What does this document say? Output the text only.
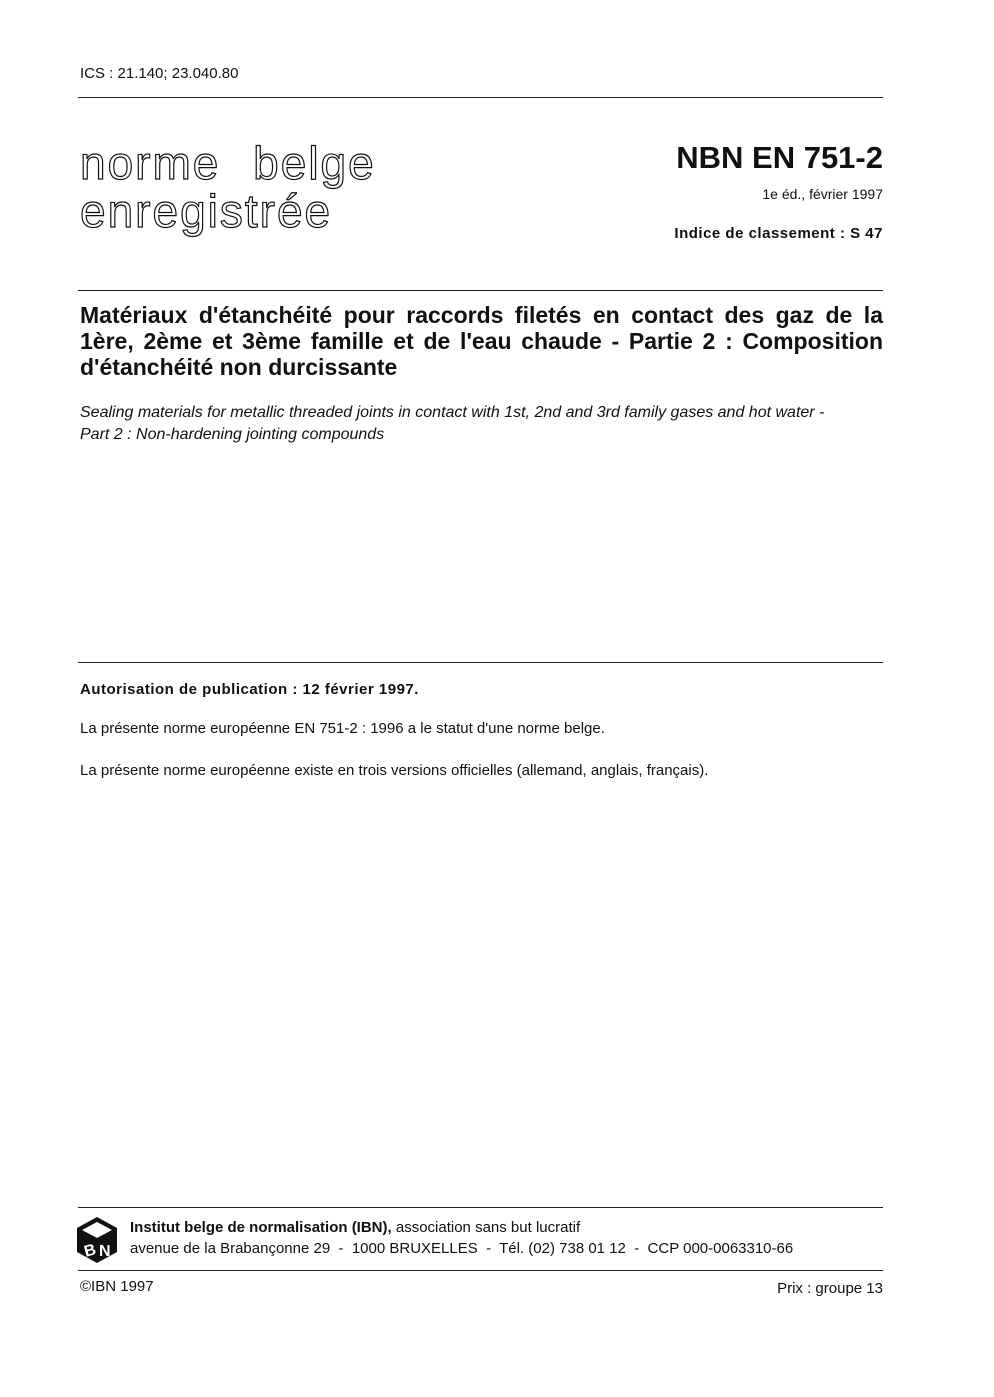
ICS : 21.140; 23.040.80
norme belge
enregistrée
NBN EN 751-2
1e éd., février 1997
Indice de classement : S 47
Matériaux d'étanchéité pour raccords filetés en contact des gaz de la 1ère, 2ème et 3ème famille et de l'eau chaude - Partie 2 : Composition d'étanchéité non durcissante
Sealing materials for metallic threaded joints in contact with 1st, 2nd and 3rd family gases and hot water -
Part 2 : Non-hardening jointing compounds
Autorisation de publication : 12 février 1997.
La présente norme européenne EN 751-2 : 1996 a le statut d'une norme belge.
La présente norme européenne existe en trois versions officielles (allemand, anglais, français).
B N
Institut belge de normalisation (IBN), association sans but lucratif
avenue de la Brabançonne 29  -  1000 BRUXELLES  -  Tél. (02) 738 01 12  -  CCP 000-0063310-66
©IBN 1997	Prix : groupe 13
